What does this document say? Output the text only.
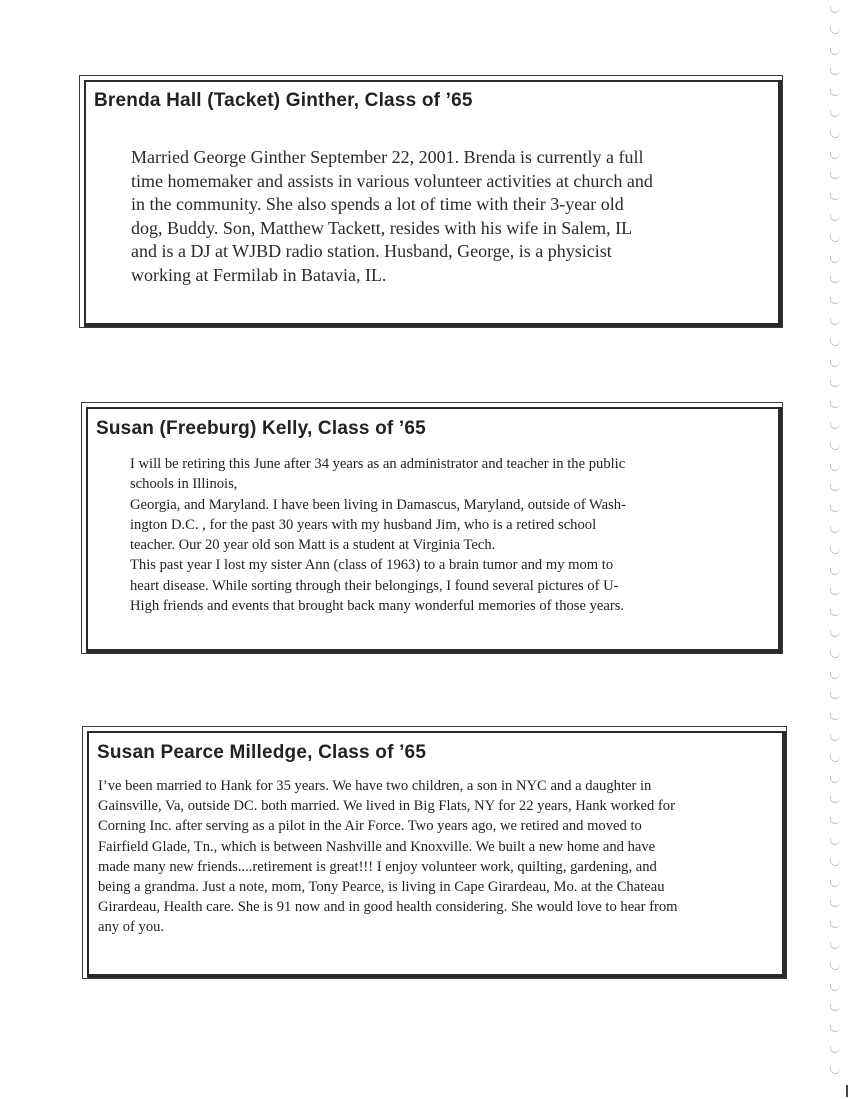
Brenda Hall (Tacket) Ginther, Class of ’65
Married George Ginther September 22, 2001. Brenda is currently a full
time homemaker and assists in various volunteer activities at church and
in the community. She also spends a lot of time with their 3-year old
dog, Buddy. Son, Matthew Tackett, resides with his wife in Salem, IL
and is a DJ at WJBD radio station. Husband, George, is a physicist
working at Fermilab in Batavia, IL.
Susan (Freeburg) Kelly, Class of ’65
I will be retiring this June after 34 years as an administrator and teacher in the public
schools in Illinois,
Georgia, and Maryland. I have been living in Damascus, Maryland, outside of Wash-
ington D.C. , for the past 30 years with my husband Jim, who is a retired school
teacher. Our 20 year old son Matt is a student at Virginia Tech.
This past year I lost my sister Ann (class of 1963) to a brain tumor and my mom to
heart disease. While sorting through their belongings, I found several pictures of U-
High friends and events that brought back many wonderful memories of those years.
Susan Pearce Milledge, Class of ’65
I’ve been married to Hank for 35 years. We have two children, a son in NYC and a daughter in
Gainsville, Va, outside DC. both married. We lived in Big Flats, NY for 22 years, Hank worked for
Corning Inc. after serving as a pilot in the Air Force. Two years ago, we retired and moved to
Fairfield Glade, Tn., which is between Nashville and Knoxville. We built a new home and have
made many new friends....retirement is great!!! I enjoy volunteer work, quilting, gardening, and
being a grandma. Just a note, mom, Tony Pearce, is living in Cape Girardeau, Mo. at the Chateau
Girardeau, Health care. She is 91 now and in good health considering. She would love to hear from
any of you.
